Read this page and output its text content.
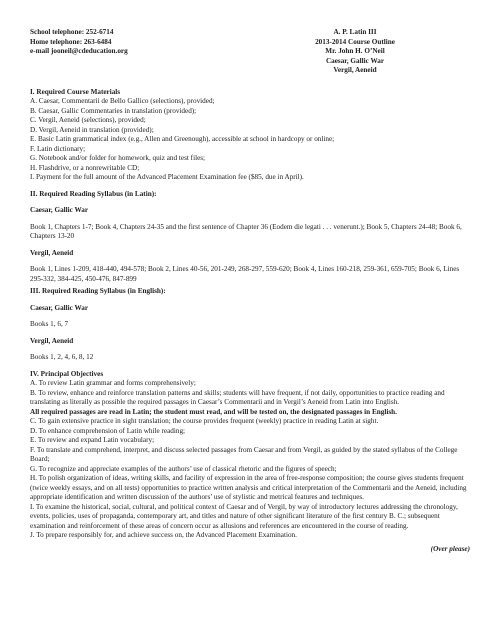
School telephone: 252-6714
Home telephone: 263-6484
e-mail jooneil@cdeducation.org
A. P. Latin III
2013-2014 Course Outline
Mr. John H. O’Neil
Caesar, Gallic War
Vergil, Aeneid

I. Required Course Materials

A. Caesar, Commentarii de Bello Gallico (selections), provided;

B. Caesar, Gallic Commentaries in translation (provided);

C. Vergil, Aeneid (selections), provided;

D. Vergil, Aeneid in translation (provided);

E. Basic Latin grammatical index (e.g., Allen and Greenough), accessible at school in hardcopy or online;

F. Latin dictionary;

G. Notebook and/or folder for homework, quiz and test files;

H. Flashdrive, or a nonrewritable CD;

I. Payment for the full amount of the Advanced Placement Examination fee ($85, due in April).

II. Required Reading Syllabus (in Latin):

Caesar, Gallic War

Book 1, Chapters 1-7; Book 4, Chapters 24-35 and the first sentence of Chapter 36 (Eodem die legati . . . venerunt.); Book 5, Chapters 24-48; Book 6, Chapters 13-20

Vergil, Aeneid

Book 1, Lines 1-209, 418-440, 494-578; Book 2, Lines 40-56, 201-249, 268-297, 559-620; Book 4, Lines 160-218, 259-361, 659-705; Book 6, Lines 295-332, 384-425, 450-476, 847-899

III. Required Reading Syllabus (in English):

Caesar, Gallic War

Books 1, 6, 7

Vergil, Aeneid

Books 1, 2, 4, 6, 8, 12

IV. Principal Objectives

A. To review Latin grammar and forms comprehensively;

B. To review, enhance and reinforce translation patterns and skills; students will have frequent, if not daily, opportunities to practice reading and translating as literally as possible the required passages in Caesar’s Commentarii and in Vergil’s Aeneid from Latin into English.

All required passages are read in Latin; the student must read, and will be tested on, the designated passages in English.

C. To gain extensive practice in sight translation; the course provides frequent (weekly) practice in reading Latin at sight.

D. To enhance comprehension of Latin while reading;

E. To review and expand Latin vocabulary;

F. To translate and comprehend, interpret, and discuss selected passages from Caesar and from Vergil, as guided by the stated syllabus of the College Board;

G. To recognize and appreciate examples of the authors’ use of classical rhetoric and the figures of speech;

H. To polish organization of ideas, writing skills, and facility of expression in the area of free-response composition; the course gives students frequent (twice weekly essays, and on all tests) opportunities to practice written analysis and critical interpretation of the Commentarii and the Aeneid, including appropriate identification and written discussion of the authors’ use of stylistic and metrical features and techniques.

I. To examine the historical, social, cultural, and political context of Caesar and of Vergil, by way of introductory lectures addressing the chronology, events, policies, uses of propaganda, contemporary art, and titles and nature of other significant literature of the first century B. C.; subsequent examination and reinforcement of these areas of concern occur as allusions and references are encountered in the course of reading.

J. To prepare responsibly for, and achieve success on, the Advanced Placement Examination.

(Over please)
